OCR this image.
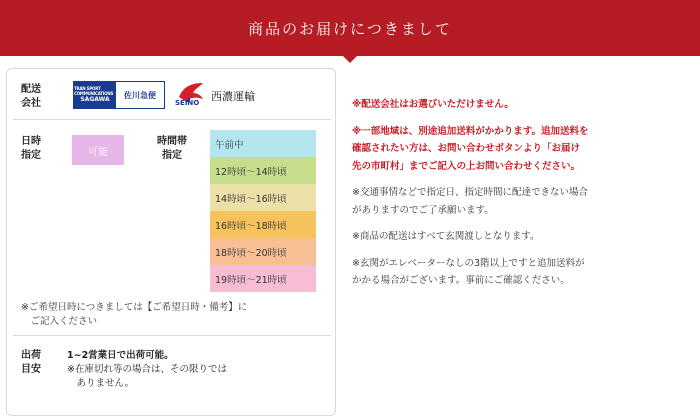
商品のお届けにつきまして
配送
会社
TRAN SPORT COMMUNICATIONS
SAGAWA	佐川急便
SEINO 西濃運輸
日時
指定	可能
時間帯
指定
午前中
12時頃〜14時頃
14時頃〜16時頃
16時頃〜18時頃
18時頃〜20時頃
19時頃〜21時頃
※ご希望日時につきましては【ご希望日時・備考】に
　ご記入ください
出荷
目安
1~2営業日で出荷可能。
※在庫切れ等の場合は、その限りでは
　ありません。
※配送会社はお選びいただけません。
※一部地域は、別途追加送料がかかります。追加送料を
確認されたい方は、お問い合わせボタンより「お届け
先の市町村」までご記入の上お問い合わせください。
※交通事情などで指定日、指定時間に配達できない場合
がありますのでご了承願います。
※商品の配送はすべて玄関渡しとなります。
※玄関がエレベーターなしの3階以上ですと追加送料が
かかる場合がございます。事前にご確認ください。
